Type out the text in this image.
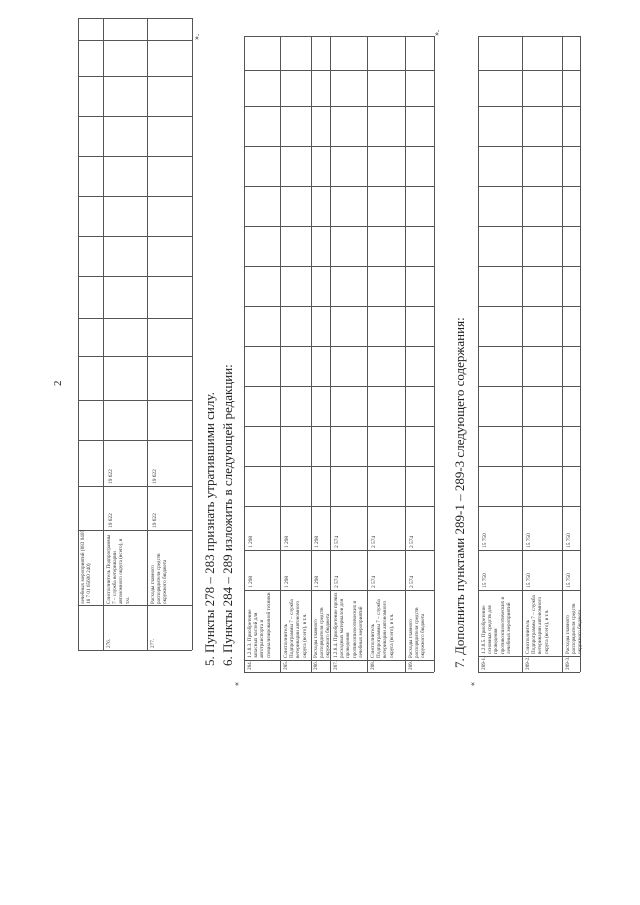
2
лечебных мероприятий (883 0405 18 7 01 65600 240)
276.
Соисполнитель Подпрограммы 7 – служба ветеринарии автономного округа (всего), в т.ч.
19 622
19 622
277.
Расходы главного распорядителя средств окружного бюджета
19 622
19 622
».
5. Пункты 278 – 283 признать утратившими силу. 6. Пункты 284 – 289 изложить в следующей редакции:
«
284.
1.2.8.3. Приобретение запасных частей для автотранспорта и специализированной техники
1 298
1 298
285.
Соисполнитель Подпрограммы 7 – служба ветеринарии автономного округа (всего), в т.ч.
1 298
1 298
286.
Расходы главного распорядителя средств окружного бюджета
1 298
1 298
287.
1.2.8.4. Приобретение прочих расходных материалов для проведения противоэпизоотических и лечебных мероприятий
2 574
2 574
288.
Соисполнитель Подпрограммы 7 – служба ветеринарии автономного округа (всего), в т.ч.
2 574
2 574
289.
Расходы главного распорядителя средств окружного бюджета
2 574
2 574
».
7. Дополнить пунктами 289-1 – 289-3 следующего содержания:
«
289-1.
1.2.8.5. Приобретение основных средств для проведения противоэпизоотических и лечебных мероприятий
15 750
15 750
289-2.
Соисполнитель Подпрограммы 7 – служба ветеринарии автономного округа (всего), в т.ч.
15 750
15 750
289-3.
Расходы главного распорядителя средств окружного бюджета
15 750
15 750
